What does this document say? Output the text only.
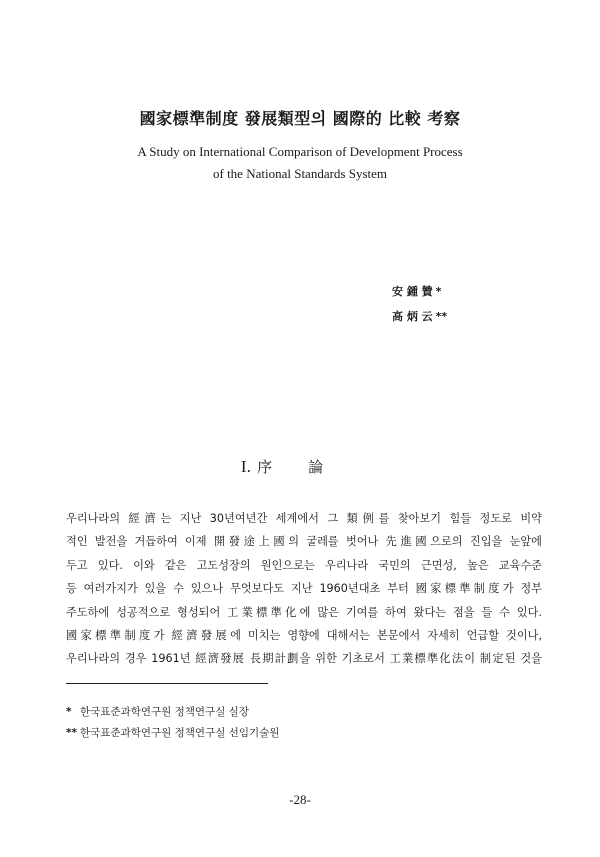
國家標準制度 發展類型의 國際的 比較 考察
A Study on International Comparison of Development Process
of the National Standards System
安 鍾 贊 *
高 炳 云 **
I. 序論
우리나라의 經濟는 지난 30년여년간 세계에서 그 類例를 찾아보기 힘들 정도로 비약
적인 발전을 거듭하여 이제 開發途上國의 굴레를 벗어나 先進國으로의 진입을 눈앞에
두고 있다. 이와 같은 고도성장의 원인으로는 우리나라 국민의 근면성, 높은 교육수준
등 여러가지가 있을 수 있으나 무엇보다도 지난 1960년대초 부터 國家標準制度가 정부
주도하에 성공적으로 형성되어 工業標準化에 많은 기여를 하여 왔다는 점을 들 수 있다.
國家標準制度가 經濟發展에 미치는 영향에 대해서는 본문에서 자세히 언급할 것이나,
우리나라의 경우 1961년 經濟發展 長期計劃을 위한 기초로서 工業標準化法이 制定된 것을
* 한국표준과학연구원 정책연구실 실장
** 한국표준과학연구원 정책연구실 선임기술원
-28-
